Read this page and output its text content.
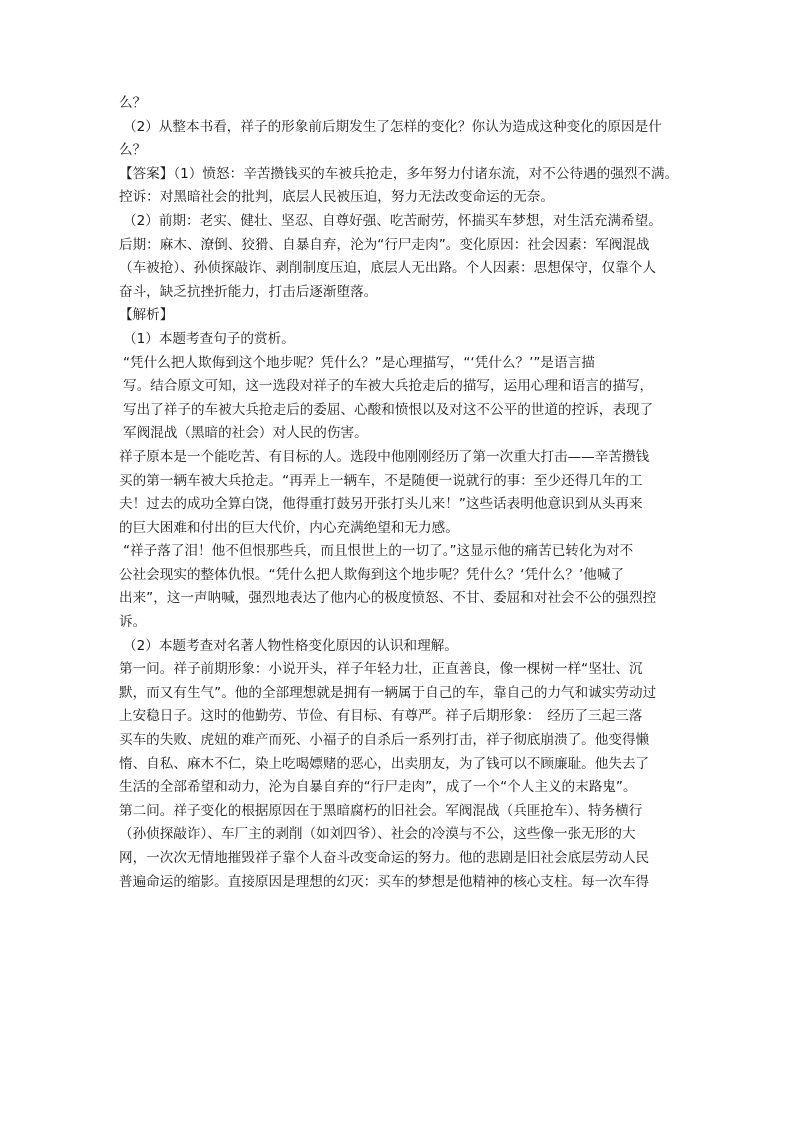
么？
（2）从整本书看，祥子的形象前后期发生了怎样的变化？你认为造成这种变化的原因是什
么？
【答案】（1）愤怒：辛苦攒钱买的车被兵抢走，多年努力付诸东流，对不公待遇的强烈不满。
控诉：对黑暗社会的批判，底层人民被压迫，努力无法改变命运的无奈。
（2）前期：老实、健壮、坚忍、自尊好强、吃苦耐劳，怀揣买车梦想，对生活充满希望。
后期：麻木、潦倒、狡猾、自暴自弃，沦为“行尸走肉”。变化原因：社会因素：军阀混战
（车被抢）、孙侦探敲诈、剥削制度压迫，底层人无出路。个人因素：思想保守，仅靠个人
奋斗，缺乏抗挫折能力，打击后逐渐堕落。
【解析】
（1）本题考查句子的赏析。
“凭什么把人欺侮到这个地步呢？凭什么？”是心理描写，“‘凭什么？’”是语言描
写。结合原文可知，这一选段对祥子的车被大兵抢走后的描写，运用心理和语言的描写，
写出了祥子的车被大兵抢走后的委屈、心酸和愤恨以及对这不公平的世道的控诉，表现了
军阀混战（黑暗的社会）对人民的伤害。
祥子原本是一个能吃苦、有目标的人。选段中他刚刚经历了第一次重大打击——辛苦攒钱
买的第一辆车被大兵抢走。“再弄上一辆车，不是随便一说就行的事：至少还得几年的工
夫！过去的成功全算白饶，他得重打鼓另开张打头儿来！”这些话表明他意识到从头再来
的巨大困难和付出的巨大代价，内心充满绝望和无力感。
“祥子落了泪！他不但恨那些兵，而且恨世上的一切了。”这显示他的痛苦已转化为对不
公社会现实的整体仇恨。“凭什么把人欺侮到这个地步呢？凭什么？‘凭什么？’他喊了
出来”，这一声呐喊，强烈地表达了他内心的极度愤怒、不甘、委屈和对社会不公的强烈控
诉。
（2）本题考查对名著人物性格变化原因的认识和理解。
第一问。祥子前期形象：小说开头，祥子年轻力壮，正直善良，像一棵树一样“坚壮、沉
默，而又有生气”。他的全部理想就是拥有一辆属于自己的车，靠自己的力气和诚实劳动过
上安稳日子。这时的他勤劳、节俭、有目标、有尊严。祥子后期形象：　经历了三起三落
买车的失败、虎妞的难产而死、小福子的自杀后一系列打击，祥子彻底崩溃了。他变得懒
惰、自私、麻木不仁，染上吃喝嫖赌的恶心，出卖朋友，为了钱可以不顾廉耻。他失去了
生活的全部希望和动力，沦为自暴自弃的“行尸走肉”，成了一个“个人主义的末路鬼”。
第二问。祥子变化的根据原因在于黑暗腐朽的旧社会。军阀混战（兵匪抢车）、特务横行
（孙侦探敲诈）、车厂主的剥削（如刘四爷）、社会的冷漠与不公，这些像一张无形的大
网，一次次无情地摧毁祥子靠个人奋斗改变命运的努力。他的悲剧是旧社会底层劳动人民
普遍命运的缩影。直接原因是理想的幻灭：买车的梦想是他精神的核心支柱。每一次车得
